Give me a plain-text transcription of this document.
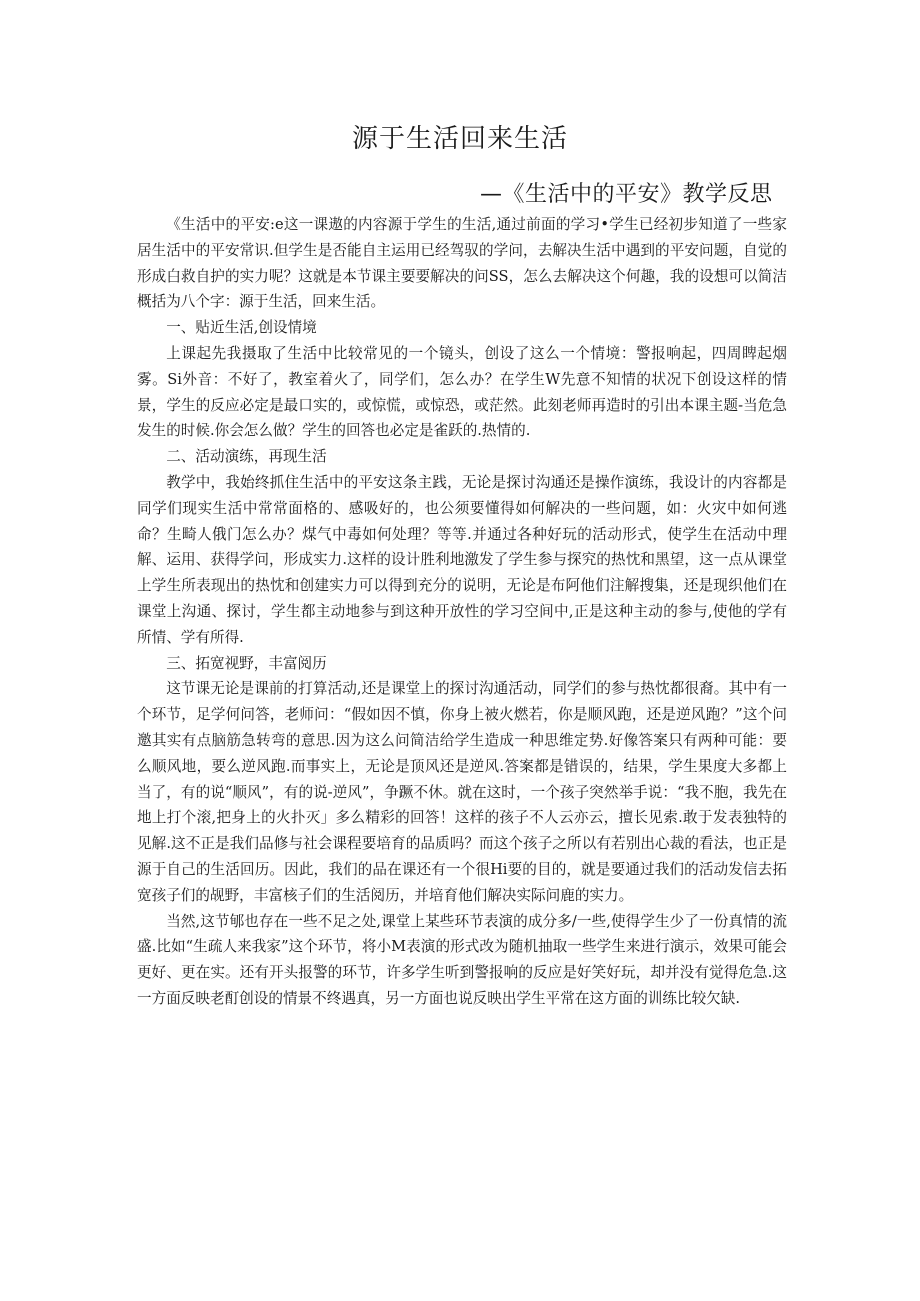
源于生活回来生活
—《生活中的平安》教学反思

《生活中的平安:e这一课遨的内容源于学生的生活,通过前面的学习•学生已经初步知道了一些家居生活中的平安常识.但学生是否能自主运用已经驾驭的学问，去解决生活中遇到的平安问题，自觉的形成白救自护的实力呢？这就是本节课主要要解决的问SS，怎么去解决这个何趣，我的设想可以简洁概括为八个字：源于生活，回来生活。

一、贴近生活,创设情境

上课起先我摄取了生活中比较常见的一个镜头，创设了这么一个情境：警报响起，四周睥起烟雾。Si外音：不好了，教室着火了，同学们，怎么办？在学生W先意不知情的状况下创设这样的情景，学生的反应必定是最口实的，或惊慌，或惊恐，或茫然。此刻老师再造时的引出本课主题-当危急发生的时候.你会怎么做？学生的回答也必定是雀跃的.热情的.

二、活动演练，再现生活

教学中，我始终抓住生活中的平安这条主践，无论是探讨沟通还是操作演练，我设计的内容都是同学们现实生活中常常面格的、感吸好的，也公须要懂得如何解决的一些问题，如：火灾中如何逃命？生畸人俄门怎么办？煤气中毒如何处理？等等.并通过各种好玩的活动形式，使学生在活动中理解、运用、获得学问，形成实力.这样的设计胜利地激发了学生参与探究的热忱和黑望，这一点从课堂上学生所表现出的热忱和创建实力可以得到充分的说明，无论是布阿他们注解搜集，还是现织他们在课堂上沟通、探讨，学生都主动地参与到这种开放性的学习空间中,正是这种主动的参与,使他的学有所情、学有所得.

三、拓宽视野，丰富阅历

这节课无论是课前的打算活动,还是课堂上的探讨沟通活动，同学们的参与热忱都很裔。其中有一个环节，足学何问答，老师问：“假如因不慎，你身上被火燃若，你是顺风跑，还是逆风跑？”这个问邀其实有点脑筋急转弯的意思.因为这么问简洁给学生造成一种思维定势.好像答案只有两种可能：要么顺风地，要么逆风跑.而事实上，无论是顶风还是逆风.答案都是错误的，结果，学生果度大多都上当了，有的说“顺风”，有的说-逆风”，争蹶不休。就在这时，一个孩子突然举手说：“我不胞，我先在地上打个滚,把身上的火扑灭」多么精彩的回答！这样的孩子不人云亦云，擅长见索.敢于发表独特的见解.这不正是我们品修与社会课程要培育的品质吗？而这个孩子之所以有若别出心裁的看法，也正是源于自己的生活回历。因此，我们的品在课还有一个很Hi要的目的，就是要通过我们的活动发信去拓宽孩子们的觇野，丰富核子们的生活阅历，并培育他们解决实际问鹿的实力。

当然,这节郇也存在一些不足之处,课堂上某些环节表演的成分多/一些,使得学生少了一份真情的流盛.比如“生疏人来我家”这个环节，将小M表演的形式改为随机抽取一些学生来进行演示，效果可能会更好、更在实。还有开头报警的环节，许多学生听到警报响的反应是好笑好玩，却并没有觉得危急.这一方面反映老酊创设的情景不终遇真，另一方面也说反映出学生平常在这方面的训练比较欠缺.
